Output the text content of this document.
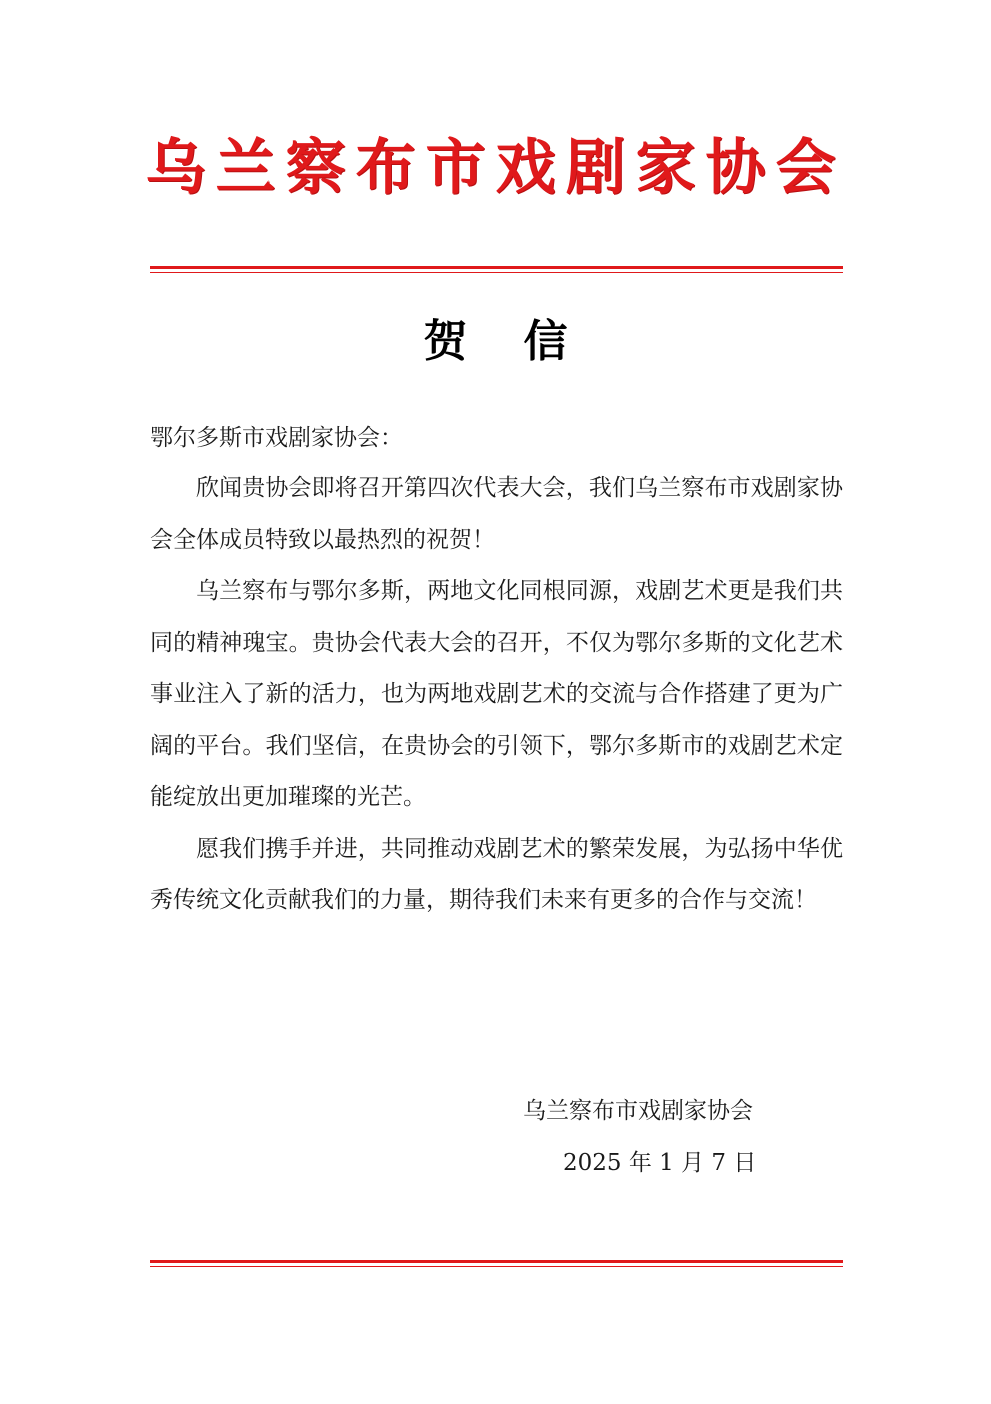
乌兰察布市戏剧家协会
贺 信
鄂尔多斯市戏剧家协会：

欣闻贵协会即将召开第四次代表大会，我们乌兰察布市戏剧家协会全体成员特致以最热烈的祝贺！

乌兰察布与鄂尔多斯，两地文化同根同源，戏剧艺术更是我们共同的精神瑰宝。贵协会代表大会的召开，不仅为鄂尔多斯的文化艺术事业注入了新的活力，也为两地戏剧艺术的交流与合作搭建了更为广阔的平台。我们坚信，在贵协会的引领下，鄂尔多斯市的戏剧艺术定能绽放出更加璀璨的光芒。

愿我们携手并进，共同推动戏剧艺术的繁荣发展，为弘扬中华优秀传统文化贡献我们的力量，期待我们未来有更多的合作与交流！

乌兰察布市戏剧家协会
2025 年 1 月 7 日
